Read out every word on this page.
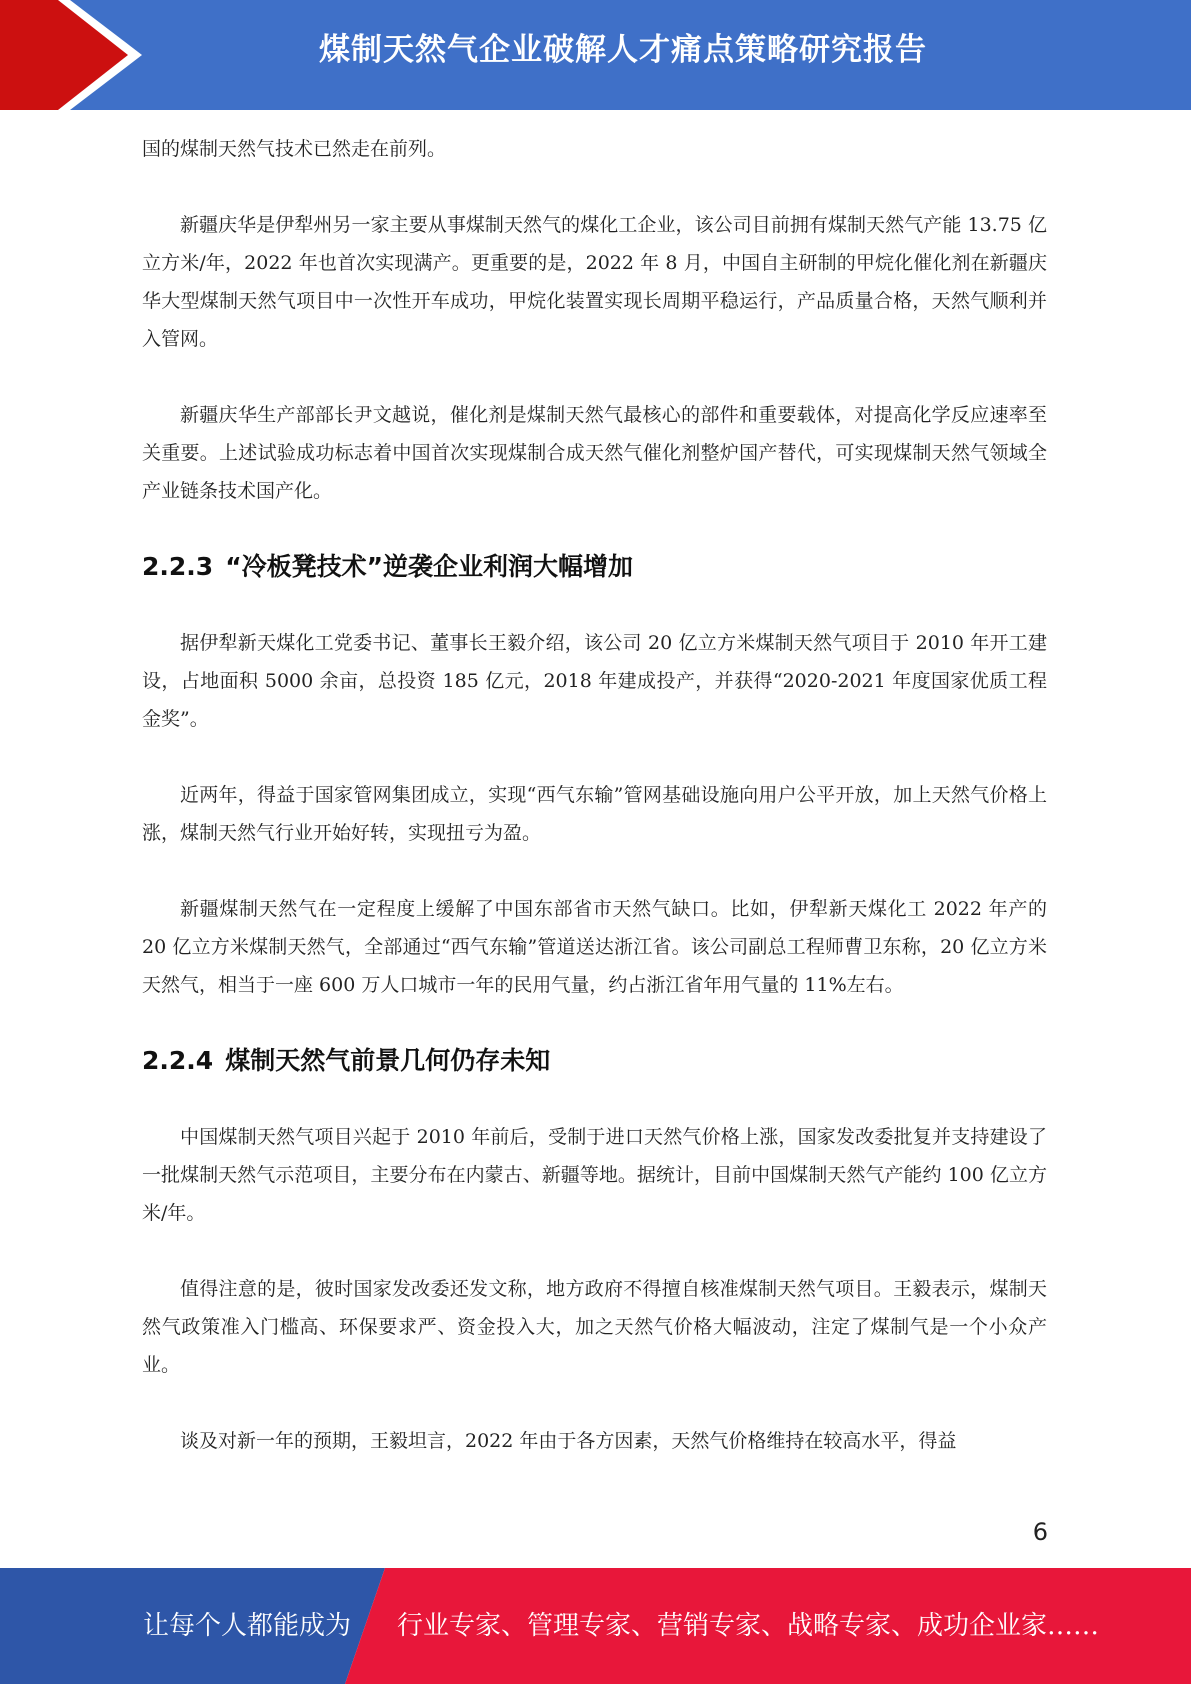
煤制天然气企业破解人才痛点策略研究报告

国的煤制天然气技术已然走在前列。

新疆庆华是伊犁州另一家主要从事煤制天然气的煤化工企业，该公司目前拥有煤制天然气产能 13.75 亿立方米/年，2022 年也首次实现满产。更重要的是，2022 年 8 月，中国自主研制的甲烷化催化剂在新疆庆华大型煤制天然气项目中一次性开车成功，甲烷化装置实现长周期平稳运行，产品质量合格，天然气顺利并入管网。

新疆庆华生产部部长尹文越说，催化剂是煤制天然气最核心的部件和重要载体，对提高化学反应速率至关重要。上述试验成功标志着中国首次实现煤制合成天然气催化剂整炉国产替代，可实现煤制天然气领域全产业链条技术国产化。

2.2.3 “冷板凳技术”逆袭企业利润大幅增加

据伊犁新天煤化工党委书记、董事长王毅介绍，该公司 20 亿立方米煤制天然气项目于 2010 年开工建设，占地面积 5000 余亩，总投资 185 亿元，2018 年建成投产，并获得“2020-2021 年度国家优质工程金奖”。

近两年，得益于国家管网集团成立，实现“西气东输”管网基础设施向用户公平开放，加上天然气价格上涨，煤制天然气行业开始好转，实现扭亏为盈。

新疆煤制天然气在一定程度上缓解了中国东部省市天然气缺口。比如，伊犁新天煤化工 2022 年产的 20 亿立方米煤制天然气，全部通过“西气东输”管道送达浙江省。该公司副总工程师曹卫东称，20 亿立方米天然气，相当于一座 600 万人口城市一年的民用气量，约占浙江省年用气量的 11%左右。

2.2.4 煤制天然气前景几何仍存未知

中国煤制天然气项目兴起于 2010 年前后，受制于进口天然气价格上涨，国家发改委批复并支持建设了一批煤制天然气示范项目，主要分布在内蒙古、新疆等地。据统计，目前中国煤制天然气产能约 100 亿立方米/年。

值得注意的是，彼时国家发改委还发文称，地方政府不得擅自核准煤制天然气项目。王毅表示，煤制天然气政策准入门槛高、环保要求严、资金投入大，加之天然气价格大幅波动，注定了煤制气是一个小众产业。

谈及对新一年的预期，王毅坦言，2022 年由于各方因素，天然气价格维持在较高水平，得益

6
让每个人都能成为 行业专家、管理专家、营销专家、战略专家、成功企业家……
